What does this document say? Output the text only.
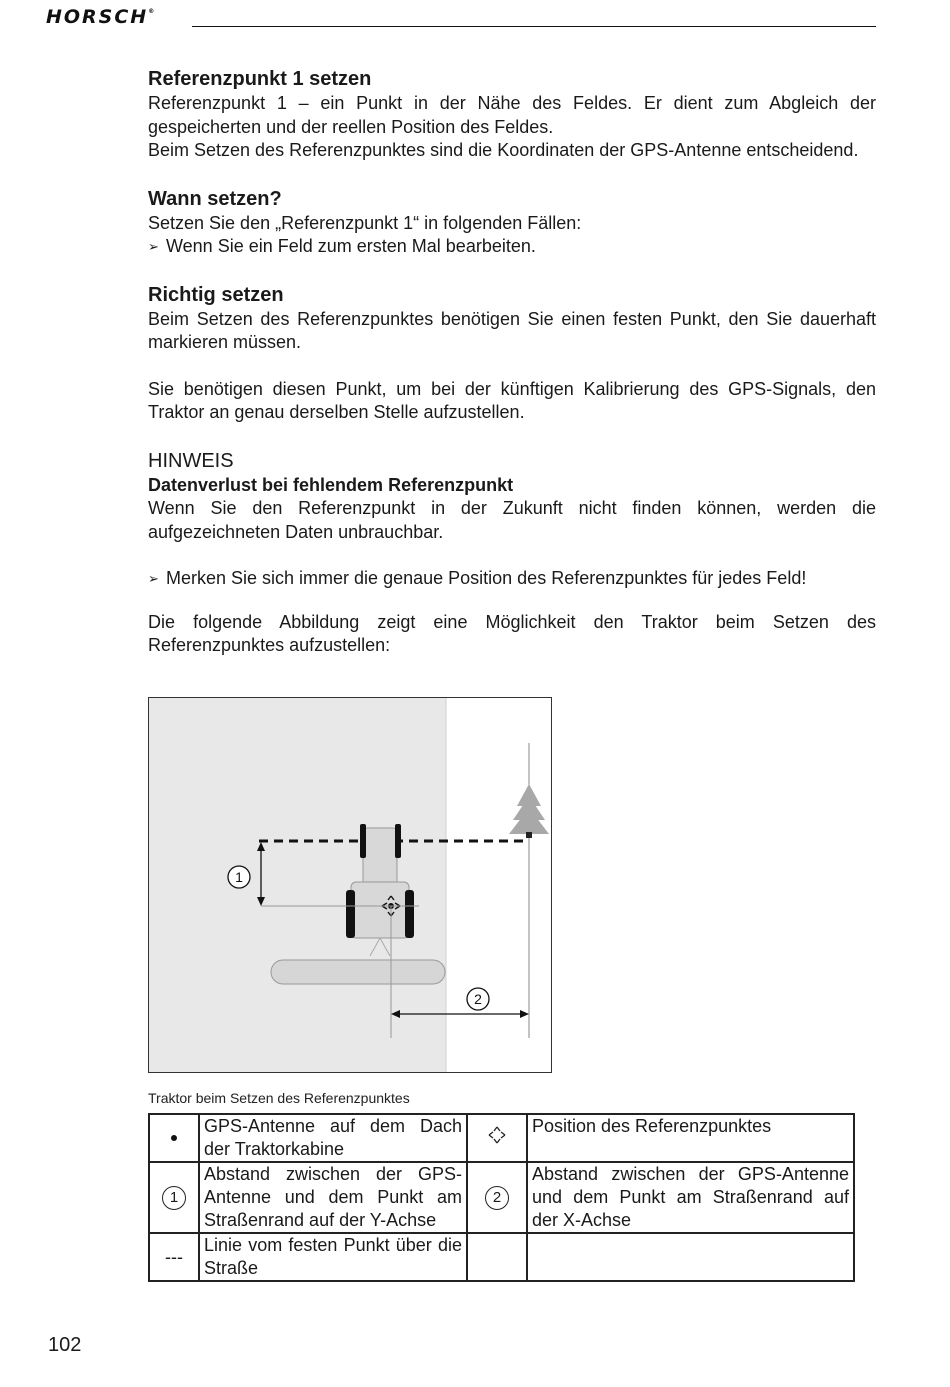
HORSCH®
Referenzpunkt 1 setzen

Referenzpunkt 1 – ein Punkt in der Nähe des Feldes. Er dient zum Abgleich der gespeicherten und der reellen Position des Feldes.

Beim Setzen des Referenzpunktes sind die Koordinaten der GPS-Antenne entscheidend.

Wann setzen?

Setzen Sie den „Referenzpunkt 1“ in folgenden Fällen:

➢ Wenn Sie ein Feld zum ersten Mal bearbeiten.
Richtig setzen

Beim Setzen des Referenzpunktes benötigen Sie einen festen Punkt, den Sie dauerhaft markieren müssen.

Sie benötigen diesen Punkt, um bei der künftigen Kalibrierung des GPS-Signals, den Traktor an genau derselben Stelle aufzustellen.

HINWEIS
Datenverlust bei fehlendem Referenzpunkt

Wenn Sie den Referenzpunkt in der Zukunft nicht finden können, werden die aufgezeichneten Daten unbrauchbar.

➢ Merken Sie sich immer die genaue Position des Referenzpunktes für jedes Feld!

Die folgende Abbildung zeigt eine Möglichkeit den Traktor beim Setzen des Referenzpunktes aufzustellen:

1
2
Traktor beim Setzen des Referenzpunktes
	GPS-Antenne auf dem Dach der Traktorkabine		Position des Referenzpunktes
1	Abstand zwischen der GPS-Antenne und dem Punkt am Straßenrand auf der Y-Achse	2	Abstand zwischen der GPS-Antenne und dem Punkt am Straßenrand auf der X-Achse
---	Linie vom festen Punkt über die Straße		
102
